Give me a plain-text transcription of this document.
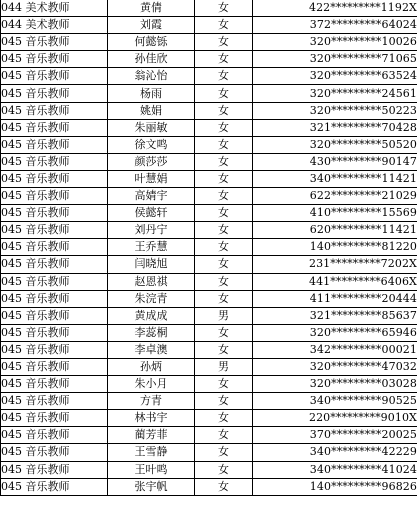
044 美术教师	黄倩	女	422*********1192X
044 美术教师	刘霞	女	372*********64024
045 音乐教师	何懿铄	女	320*********10026
045 音乐教师	孙佳欣	女	320*********71065
045 音乐教师	翁沁怡	女	320*********63524
045 音乐教师	杨雨	女	320*********24561
045 音乐教师	姚娟	女	320*********50223
045 音乐教师	朱丽敏	女	321*********70428
045 音乐教师	徐文鸣	女	320*********50520
045 音乐教师	颜莎莎	女	430*********90147
045 音乐教师	叶慧娟	女	340*********11421
045 音乐教师	高婧宇	女	622*********21029
045 音乐教师	侯懿轩	女	410*********15569
045 音乐教师	刘丹宁	女	620*********11421
045 音乐教师	王乔慧	女	140*********81220
045 音乐教师	闫晓旭	女	231*********7202X
045 音乐教师	赵恩祺	女	441*********6406X
045 音乐教师	朱浣青	女	411*********20444
045 音乐教师	黄成成	男	321*********85637
045 音乐教师	李蕊桐	女	320*********65946
045 音乐教师	李卓澳	女	342*********00021
045 音乐教师	孙炳	男	320*********47032
045 音乐教师	朱小月	女	320*********03028
045 音乐教师	方青	女	340*********90525
045 音乐教师	林书宇	女	220*********9010X
045 音乐教师	蔺芳菲	女	370*********20025
045 音乐教师	王雪静	女	340*********42229
045 音乐教师	王叶鸣	女	340*********41024
045 音乐教师	张宇帆	女	140*********96826
